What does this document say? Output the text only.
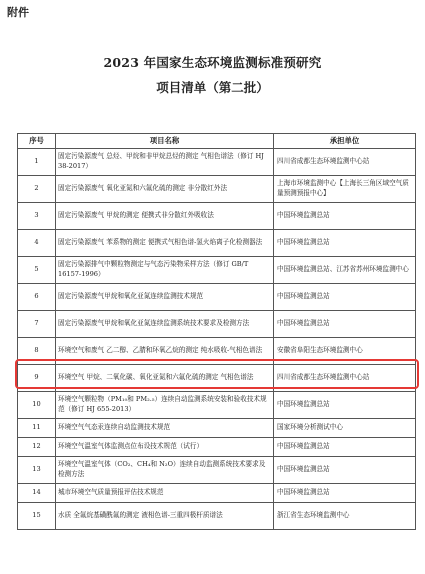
附件
2023 年国家生态环境监测标准预研究
项目清单（第二批）
序号	项目名称	承担单位
1	固定污染源废气 总烃、甲烷和非甲烷总烃的测定 气相色谱法（修订 HJ 38-2017）	四川省成都生态环境监测中心站
2	固定污染源废气 氧化亚氮和六氟化硫的测定 非分散红外法	上海市环境监测中心【上海长三角区域空气质量预测预报中心】
3	固定污染源废气 甲烷的测定 便携式非分散红外吸收法	中国环境监测总站
4	固定污染源废气 苯系物的测定 便携式气相色谱-氢火焰离子化检测器法	中国环境监测总站
5	固定污染源排气中颗粒物测定与气态污染物采样方法（修订 GB/T 16157-1996）	中国环境监测总站、江苏省苏州环境监测中心
6	固定污染源废气甲烷和氧化亚氮连续监测技术规范	中国环境监测总站
7	固定污染源废气甲烷和氧化亚氮连续监测系统技术要求及检测方法	中国环境监测总站
8	环境空气和废气 乙二醇、乙腈和环氧乙烷的测定 纯水吸收-气相色谱法	安徽省阜阳生态环境监测中心
9	环境空气 甲烷、二氧化碳、氧化亚氮和六氟化硫的测定 气相色谱法	四川省成都生态环境监测中心站
10	环境空气颗粒物（PM₁₀和 PM₂.₅）连续自动监测系统安装和验收技术规范（修订 HJ 655-2013）	中国环境监测总站
11	环境空气气态汞连续自动监测技术规范	国家环境分析测试中心
12	环境空气温室气体监测点位布设技术规范（试行）	中国环境监测总站
13	环境空气温室气体（CO₂、CH₄和 N₂O）连续自动监测系统技术要求及检测方法	中国环境监测总站
14	城市环境空气质量预报评估技术规范	中国环境监测总站
15	水质 全氟烷基磺酰氟的测定 液相色谱-三重四极杆质谱法	浙江省生态环境监测中心
